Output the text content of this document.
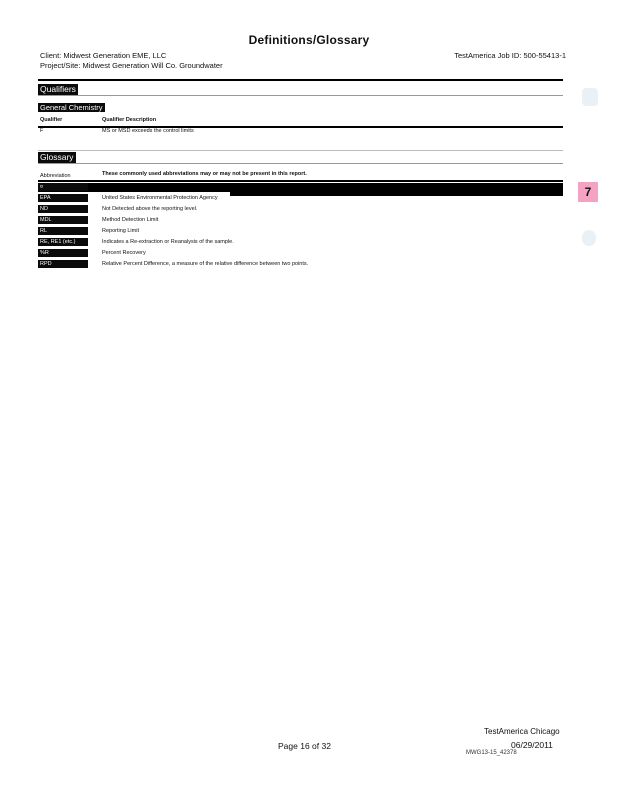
Definitions/Glossary
Client: Midwest Generation EME, LLC
Project/Site: Midwest Generation Will Co. Groundwater
TestAmerica Job ID: 500-55413-1
Qualifiers
General Chemistry
Qualifier	Qualifier Description
F	MS or MSD exceeds the control limits
Glossary
Abbreviation	These commonly used abbreviations may or may not be present in this report.
¤
EPA	United States Environmental Protection Agency
ND	Not Detected above the reporting level.
MDL	Method Detection Limit
RL	Reporting Limit
RE, RE1 (etc.)	Indicates a Re-extraction or Reanalysis of the sample.
%R	Percent Recovery
RPD	Relative Percent Difference, a measure of the relative difference between two points.
7
TestAmerica Chicago
Page 16 of 32	06/29/2011
MWG13-15_42378
